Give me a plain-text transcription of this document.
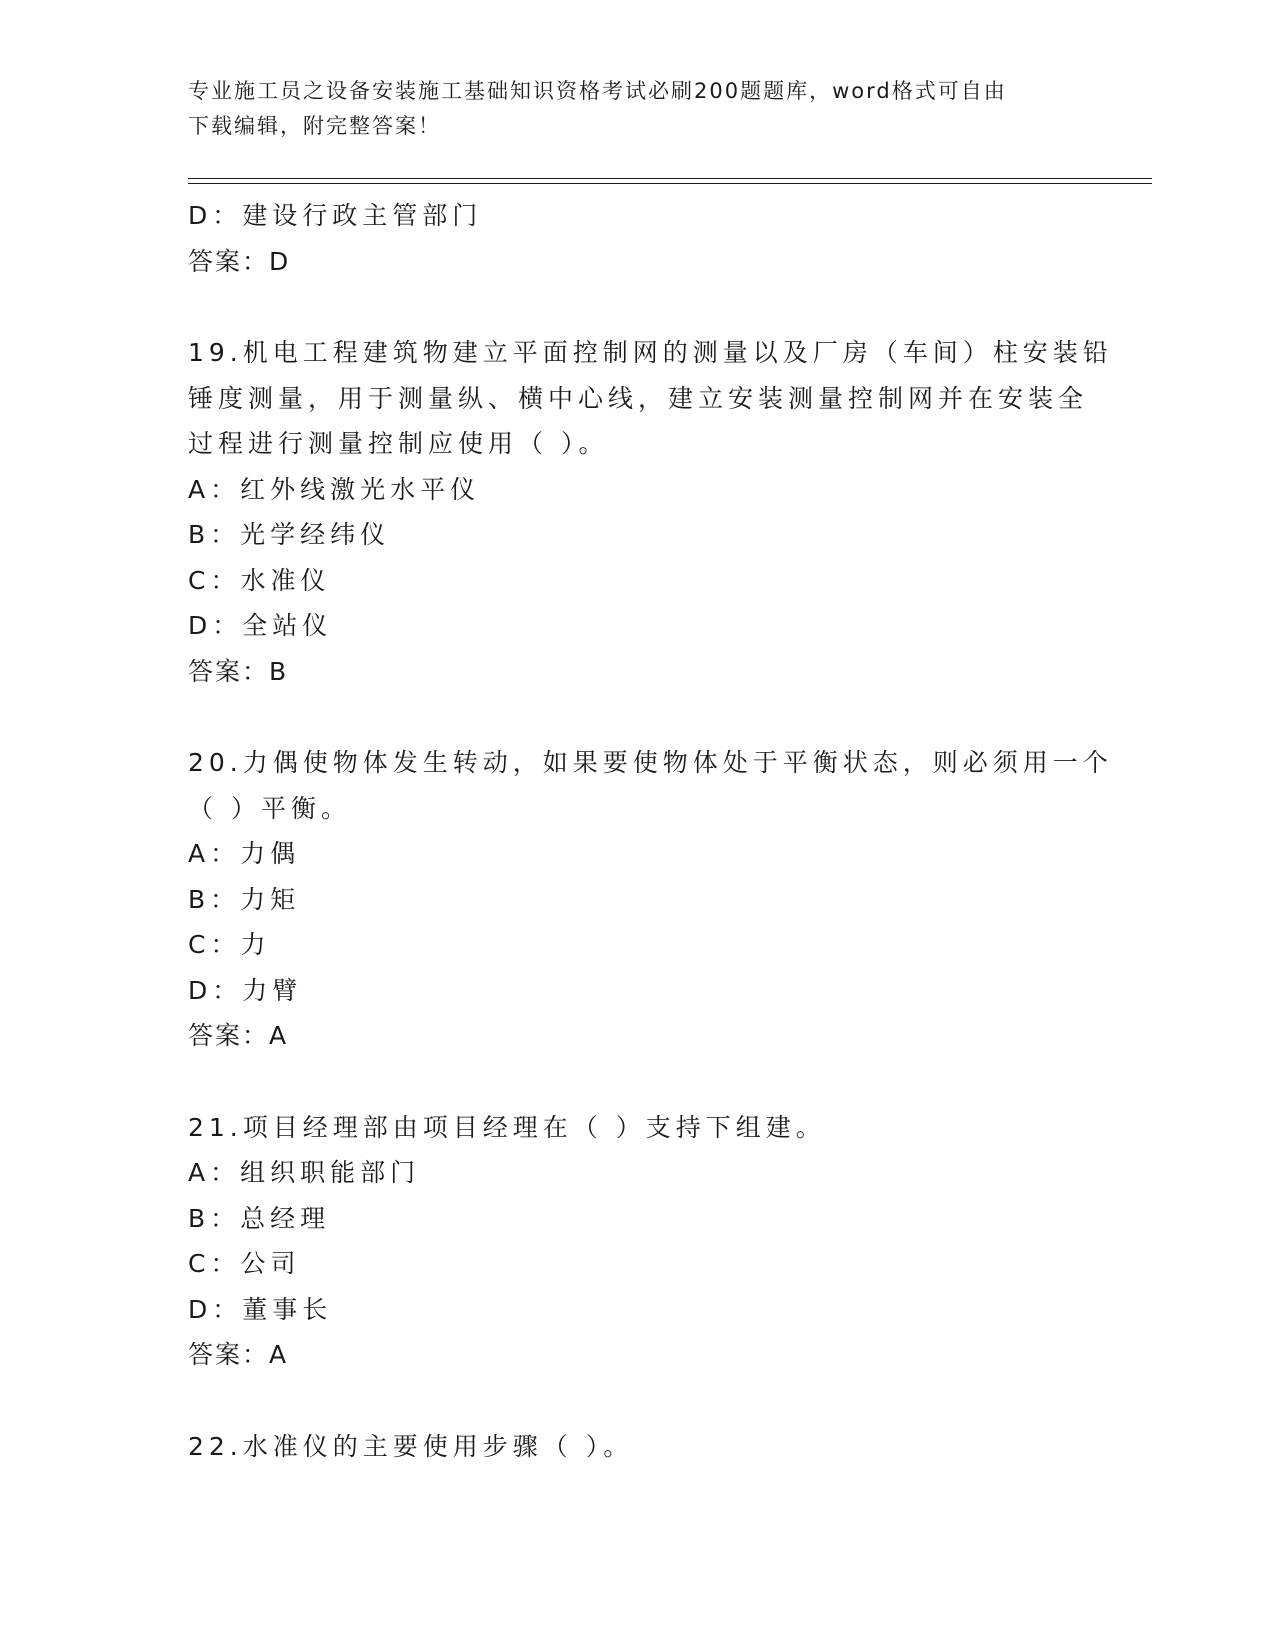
专业施工员之设备安装施工基础知识资格考试必刷200题题库，word格式可自由
下载编辑，附完整答案！
D：建设行政主管部门
答案：D
19.机电工程建筑物建立平面控制网的测量以及厂房（车间）柱安装铅
锤度测量，用于测量纵、横中心线，建立安装测量控制网并在安装全
过程进行测量控制应使用（ ）。
A：红外线激光水平仪
B：光学经纬仪
C：水准仪
D：全站仪
答案：B
20.力偶使物体发生转动，如果要使物体处于平衡状态，则必须用一个
（ ）平衡。
A：力偶
B：力矩
C：力
D：力臂
答案：A
21.项目经理部由项目经理在（ ）支持下组建。
A：组织职能部门
B：总经理
C：公司
D：董事长
答案：A
22.水准仪的主要使用步骤（ ）。
